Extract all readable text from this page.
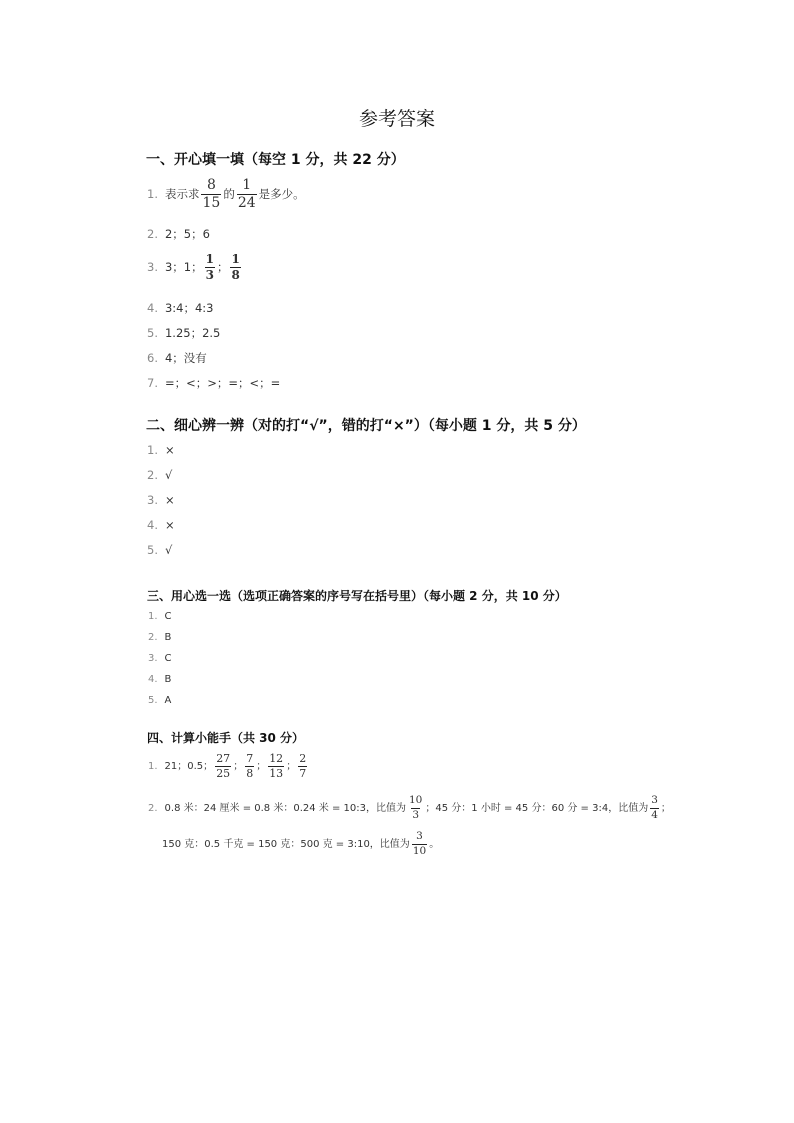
参考答案
一、开心填一填（每空 1 分，共 22 分）
1. 表示求 $\frac{8}{15}$ 的 $\frac{1}{24}$ 是多少。
2. 2；5；6
3. 3；1； $\frac{1}{3}$ ； $\frac{1}{8}$
4. 3:4；4:3
5. 1.25；2.5
6. 4；没有
7. =；<；>；=；<；=
二、细心辨一辨（对的打“√”，错的打“×”）（每小题 1 分，共 5 分）
1. ×
2. √
3. ×
4. ×
5. √
三、用心选一选（选项正确答案的序号写在括号里）（每小题 2 分，共 10 分）
1. C
2. B
3. C
4. B
5. A
四、计算小能手（共 30 分）
1. 21；0.5； $\frac{27}{25}$ ； $\frac{7}{8}$ ； $\frac{12}{13}$ ； $\frac{2}{7}$
2. 0.8 米：24 厘米 = 0.8 米：0.24 米 = 10:3，比值为 $\frac{10}{3}$ ；45 分：1 小时 = 45 分：60 分 = 3:4，比值为 $\frac{3}{4}$ ；
150 克：0.5 千克 = 150 克：500 克 = 3:10，比值为 $\frac{3}{10}$ 。
